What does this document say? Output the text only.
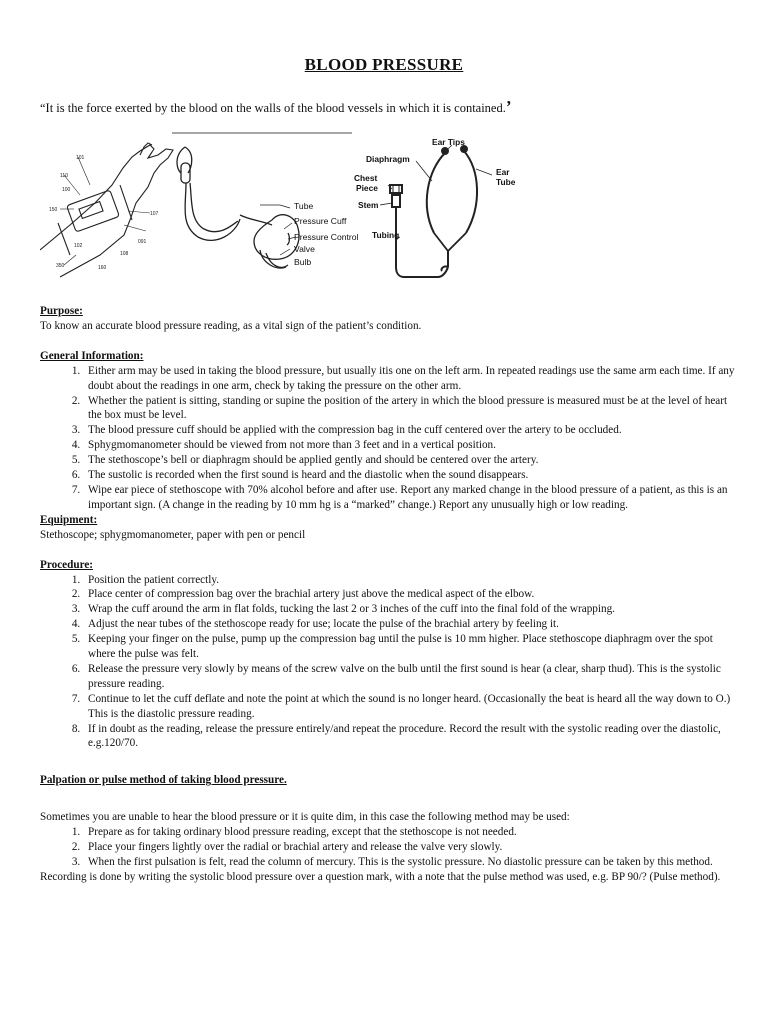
BLOOD PRESSURE
“It is the force exerted by the blood on the walls of the blood vessels in which it is contained.’
101
110
100
150
102
107
091
108
160
350
Tube
Pressure Cuff
Pressure Control
Valve
Bulb
Ear Tips
Diaphragm
Chest
Piece
Ear
Tube
Stem
Tubing
Purpose:
To know an accurate blood pressure reading, as a vital sign of the patient’s condition.
General Information:
1. Either arm may be used in taking the blood pressure, but usually itis one on the left arm. In repeated readings use the same arm each time. If any doubt about the readings in one arm, check by taking the pressure on the other arm.
2. Whether the patient is sitting, standing or supine the position of the artery in which the blood pressure is measured must be at the level of heart the box must be level.
3. The blood pressure cuff should be applied with the compression bag in the cuff centered over the artery to be occluded.
4. Sphygmomanometer should be viewed from not more than 3 feet and in a vertical position.
5. The stethoscope’s bell or diaphragm should be applied gently and should be centered over the artery.
6. The sustolic is recorded when the first sound is heard and the diastolic when the sound disappears.
7. Wipe ear piece of stethoscope with 70% alcohol before and after use. Report any marked change in the blood pressure of a patient, as this is an important sign. (A change in the reading by 10 mm hg is a “marked” change.) Report any unusually high or low reading.
Equipment:
Stethoscope; sphygmomanometer, paper with pen or pencil
Procedure:
1. Position the patient correctly.
2. Place center of compression bag over the brachial artery just above the medical aspect of the elbow.
3. Wrap the cuff around the arm in flat folds, tucking the last 2 or 3 inches of the cuff into the final fold of the wrapping.
4. Adjust the near tubes of the stethoscope ready for use; locate the pulse of the brachial artery by feeling it.
5. Keeping your finger on the pulse, pump up the compression bag until the pulse is 10 mm higher. Place stethoscope diaphragm over the spot where the pulse was felt.
6. Release the pressure very slowly by means of the screw valve on the bulb until the first sound is hear (a clear, sharp thud). This is the systolic pressure reading.
7. Continue to let the cuff deflate and note the point at which the sound is no longer heard. (Occasionally the beat is heard all the way down to O.) This is the diastolic pressure reading.
8. If in doubt as the reading, release the pressure entirely/and repeat the procedure. Record the result with the systolic reading over the diastolic, e.g.120/70.
Palpation or pulse method of taking blood pressure.
Sometimes you are unable to hear the blood pressure or it is quite dim, in this case the following method may be used:
1. Prepare as for taking ordinary blood pressure reading, except that the stethoscope is not needed.
2. Place your fingers lightly over the radial or brachial artery and release the valve very slowly.
3. When the first pulsation is felt, read the column of mercury. This is the systolic pressure. No diastolic pressure can be taken by this method.
Recording is done by writing the systolic blood pressure over a question mark, with a note that the pulse method was used, e.g. BP 90/? (Pulse method).
